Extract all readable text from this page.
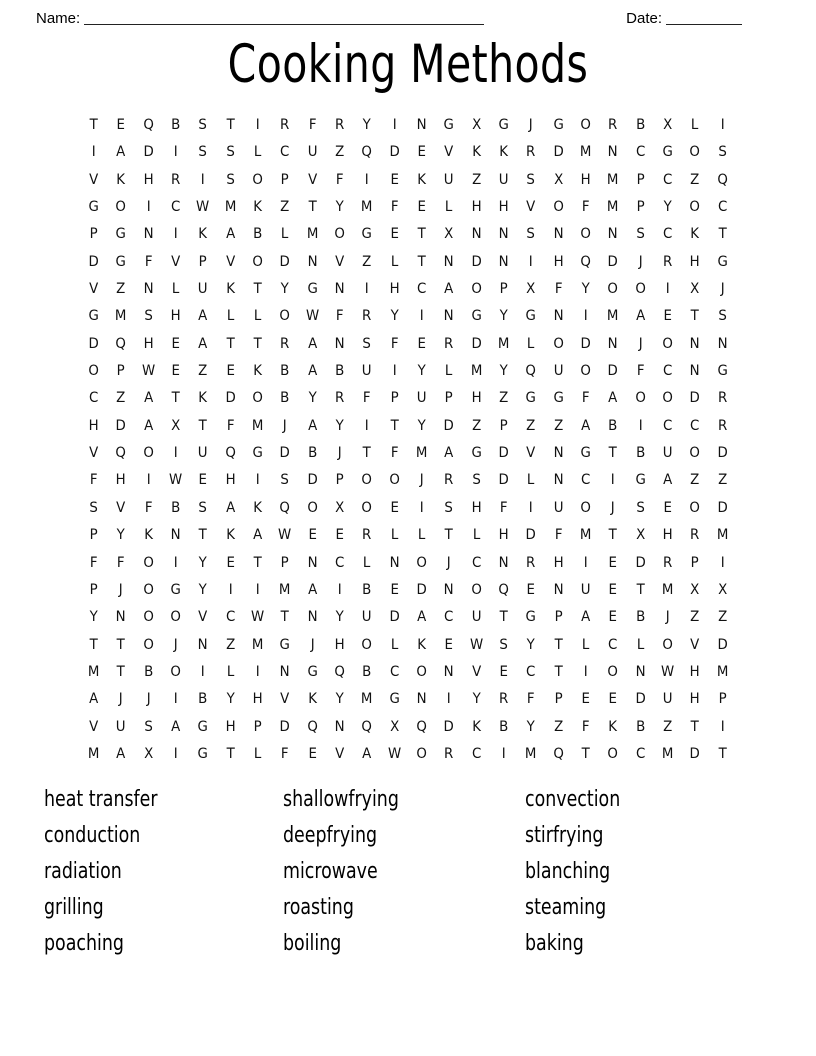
Name:	Date:
Cooking Methods
T	E	Q	B	S	T	I	R	F	R	Y	I	N	G	X	G	J	G	O	R	B	X	L	I
I	A	D	I	S	S	L	C	U	Z	Q	D	E	V	K	K	R	D	M	N	C	G	O	S
V	K	H	R	I	S	O	P	V	F	I	E	K	U	Z	U	S	X	H	M	P	C	Z	Q
G	O	I	C	W	M	K	Z	T	Y	M	F	E	L	H	H	V	O	F	M	P	Y	O	C
P	G	N	I	K	A	B	L	M	O	G	E	T	X	N	N	S	N	O	N	S	C	K	T
D	G	F	V	P	V	O	D	N	V	Z	L	T	N	D	N	I	H	Q	D	J	R	H	G
V	Z	N	L	U	K	T	Y	G	N	I	H	C	A	O	P	X	F	Y	O	O	I	X	J
G	M	S	H	A	L	L	O	W	F	R	Y	I	N	G	Y	G	N	I	M	A	E	T	S
D	Q	H	E	A	T	T	R	A	N	S	F	E	R	D	M	L	O	D	N	J	O	N	N
O	P	W	E	Z	E	K	B	A	B	U	I	Y	L	M	Y	Q	U	O	D	F	C	N	G
C	Z	A	T	K	D	O	B	Y	R	F	P	U	P	H	Z	G	G	F	A	O	O	D	R
H	D	A	X	T	F	M	J	A	Y	I	T	Y	D	Z	P	Z	Z	A	B	I	C	C	R
V	Q	O	I	U	Q	G	D	B	J	T	F	M	A	G	D	V	N	G	T	B	U	O	D
F	H	I	W	E	H	I	S	D	P	O	O	J	R	S	D	L	N	C	I	G	A	Z	Z
S	V	F	B	S	A	K	Q	O	X	O	E	I	S	H	F	I	U	O	J	S	E	O	D
P	Y	K	N	T	K	A	W	E	E	R	L	L	T	L	H	D	F	M	T	X	H	R	M
F	F	O	I	Y	E	T	P	N	C	L	N	O	J	C	N	R	H	I	E	D	R	P	I
P	J	O	G	Y	I	I	M	A	I	B	E	D	N	O	Q	E	N	U	E	T	M	X	X
Y	N	O	O	V	C	W	T	N	Y	U	D	A	C	U	T	G	P	A	E	B	J	Z	Z
T	T	O	J	N	Z	M	G	J	H	O	L	K	E	W	S	Y	T	L	C	L	O	V	D
M	T	B	O	I	L	I	N	G	Q	B	C	O	N	V	E	C	T	I	O	N	W	H	M
A	J	J	I	B	Y	H	V	K	Y	M	G	N	I	Y	R	F	P	E	E	D	U	H	P
V	U	S	A	G	H	P	D	Q	N	Q	X	Q	D	K	B	Y	Z	F	K	B	Z	T	I
M	A	X	I	G	T	L	F	E	V	A	W	O	R	C	I	M	Q	T	O	C	M	D	T
heat transfer
conduction
radiation
grilling
poaching
shallowfrying
deepfrying
microwave
roasting
boiling
convection
stirfrying
blanching
steaming
baking
